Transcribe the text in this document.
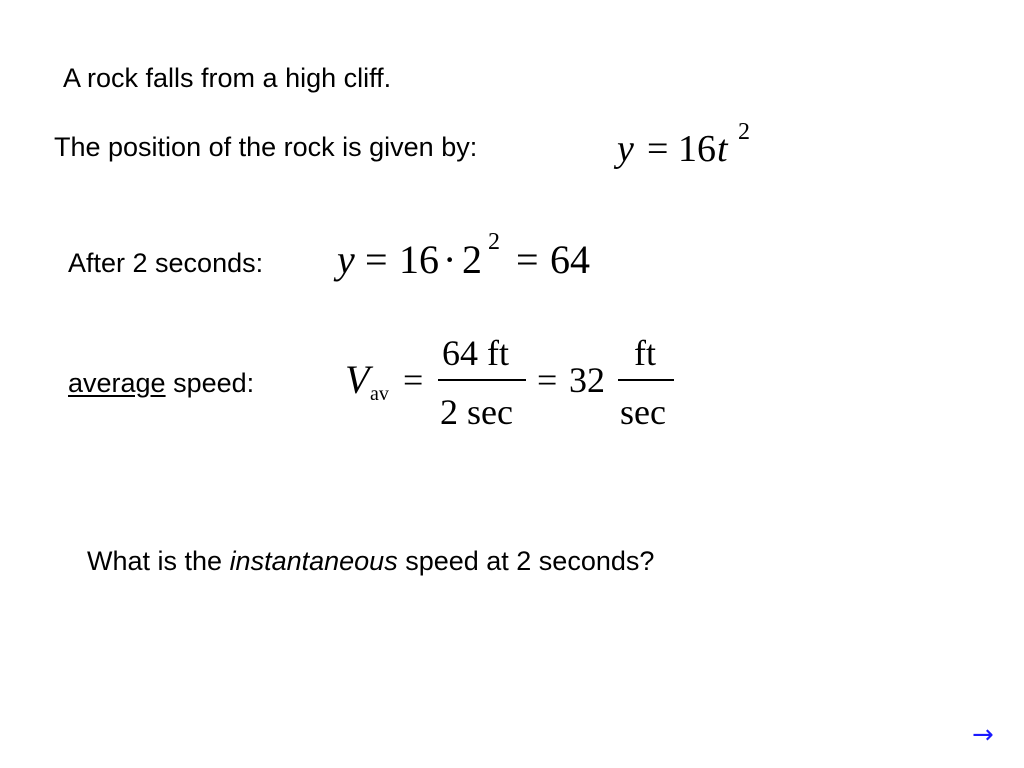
A rock falls from a high cliff.
The position of the rock is given by:	y = 16 t 2
After 2 seconds: y = 16 · 2 2 = 64
average speed: V av =
64 ft
2 sec
= 32
ft
sec
What is the instantaneous speed at 2 seconds?
→
